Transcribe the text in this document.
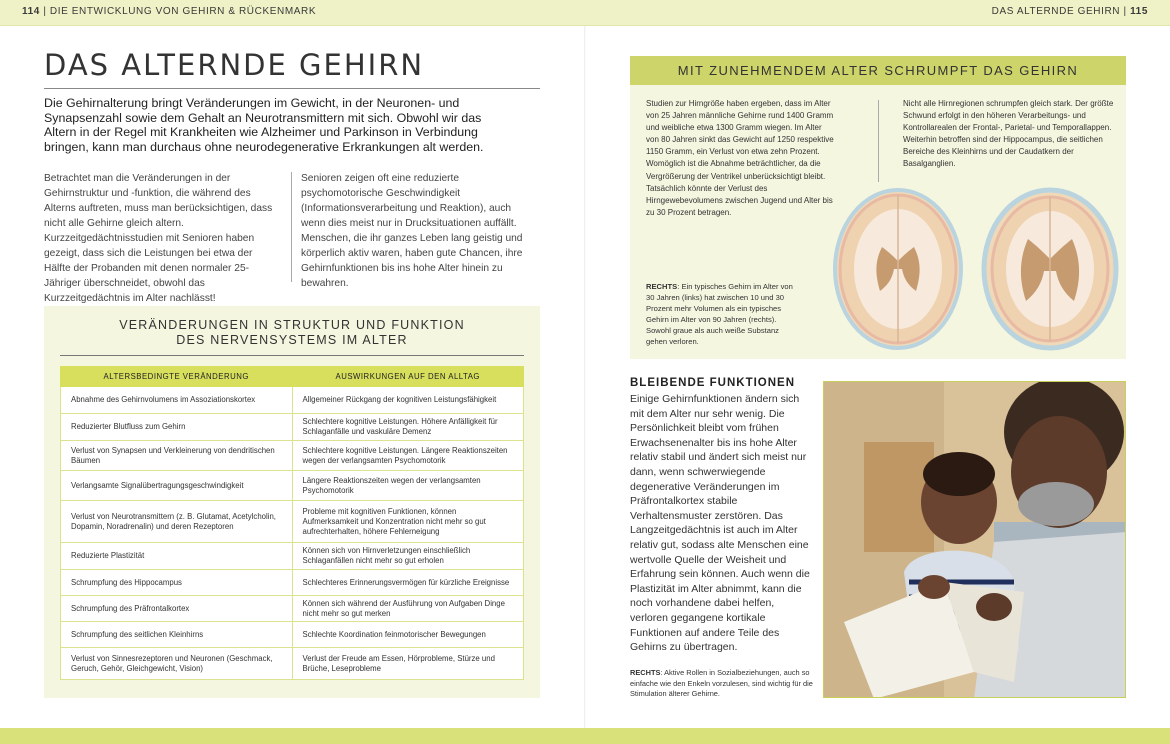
114 | DIE ENTWICKLUNG VON GEHIRN & RÜCKENMARK	DAS ALTERNDE GEHIRN | 115
DAS ALTERNDE GEHIRN

Die Gehirnalterung bringt Veränderungen im Gewicht, in der Neuronen- und Synapsenzahl sowie dem Gehalt an Neurotransmittern mit sich. Obwohl wir das Altern in der Regel mit Krankheiten wie Alzheimer und Parkinson in Verbindung bringen, kann man durchaus ohne neurodegenerative Erkrankungen alt werden.

Betrachtet man die Veränderungen in der Gehirnstruktur und -funktion, die während des Alterns auftreten, muss man berücksichtigen, dass nicht alle Gehirne gleich altern. Kurzzeitgedächtnisstudien mit Senioren haben gezeigt, dass sich die Leistungen bei etwa der Hälfte der Probanden mit denen normaler 25-Jähriger überschneidet, obwohl das Kurzzeitgedächtnis im Alter nachlässt!

Senioren zeigen oft eine reduzierte psychomotorische Geschwindigkeit (Informationsverarbeitung und Reaktion), auch wenn dies meist nur in Drucksituationen auffällt. Menschen, die ihr ganzes Leben lang geistig und körperlich aktiv waren, haben gute Chancen, ihre Gehirnfunktionen bis ins hohe Alter hinein zu bewahren.

VERÄNDERUNGEN IN STRUKTUR UND FUNKTION
DES NERVENSYSTEMS IM ALTER
ALTERSBEDINGTE VERÄNDERUNG	AUSWIRKUNGEN AUF DEN ALLTAG
Abnahme des Gehirnvolumens im Assoziationskortex	Allgemeiner Rückgang der kognitiven Leistungsfähigkeit
Reduzierter Blutfluss zum Gehirn	Schlechtere kognitive Leistungen. Höhere Anfälligkeit für Schlaganfälle und vaskuläre Demenz
Verlust von Synapsen und Verkleinerung von dendritischen Bäumen	Schlechtere kognitive Leistungen. Längere Reaktionszeiten wegen der verlangsamten Psychomotorik
Verlangsamte Signalübertragungsgeschwindigkeit	Längere Reaktionszeiten wegen der verlangsamten Psychomotorik
Verlust von Neurotransmittern (z. B. Glutamat, Acetylcholin, Dopamin, Noradrenalin) und deren Rezeptoren	Probleme mit kognitiven Funktionen, können Aufmerksamkeit und Konzentration nicht mehr so gut aufrechterhalten, höhere Fehlerneigung
Reduzierte Plastizität	Können sich von Hirnverletzungen einschließlich Schlaganfällen nicht mehr so gut erholen
Schrumpfung des Hippocampus	Schlechteres Erinnerungsvermögen für kürzliche Ereignisse
Schrumpfung des Präfrontalkortex	Können sich während der Ausführung von Aufgaben Dinge nicht mehr so gut merken
Schrumpfung des seitlichen Kleinhirns	Schlechte Koordination feinmotorischer Bewegungen
Verlust von Sinnesrezeptoren und Neuronen (Geschmack, Geruch, Gehör, Gleichgewicht, Vision)	Verlust der Freude am Essen, Hörprobleme, Stürze und Brüche, Leseprobleme
MIT ZUNEHMENDEM ALTER SCHRUMPFT DAS GEHIRN

Studien zur Hirngröße haben ergeben, dass im Alter von 25 Jahren männliche Gehirne rund 1400 Gramm und weibliche etwa 1300 Gramm wiegen. Im Alter von 80 Jahren sinkt das Gewicht auf 1250 respektive 1150 Gramm, ein Verlust von etwa zehn Prozent. Womöglich ist die Abnahme beträchtlicher, da die Vergrößerung der Ventrikel unberücksichtigt bleibt. Tatsächlich könnte der Verlust des Hirngewebevolumens zwischen Jugend und Alter bis zu 30 Prozent betragen.

Nicht alle Hirnregionen schrumpfen gleich stark. Der größte Schwund erfolgt in den höheren Verarbeitungs- und Kontrollarealen der Frontal-, Parietal- und Temporallappen. Weiterhin betroffen sind der Hippocampus, die seitlichen Bereiche des Kleinhirns und der Caudatkern der Basalganglien.

RECHTS: Ein typisches Gehirn im Alter von 30 Jahren (links) hat zwischen 10 und 30 Prozent mehr Volumen als ein typisches Gehirn im Alter von 90 Jahren (rechts). Sowohl graue als auch weiße Substanz gehen verloren.

BLEIBENDE FUNKTIONEN

Einige Gehirnfunktionen ändern sich mit dem Alter nur sehr wenig. Die Persönlichkeit bleibt vom frühen Erwachsenenalter bis ins hohe Alter relativ stabil und ändert sich meist nur dann, wenn schwerwiegende degenerative Veränderungen im Präfrontalkortex stabile Verhaltensmuster zerstören. Das Langzeitgedächtnis ist auch im Alter relativ gut, sodass alte Menschen eine wertvolle Quelle der Weisheit und Erfahrung sein können. Auch wenn die Plastizität im Alter abnimmt, kann die noch vorhandene dabei helfen, verloren gegangene kortikale Funktionen auf andere Teile des Gehirns zu übertragen.

RECHTS: Aktive Rollen in Sozialbeziehungen, auch so einfache wie den Enkeln vorzulesen, sind wichtig für die Stimulation älterer Gehirne.
